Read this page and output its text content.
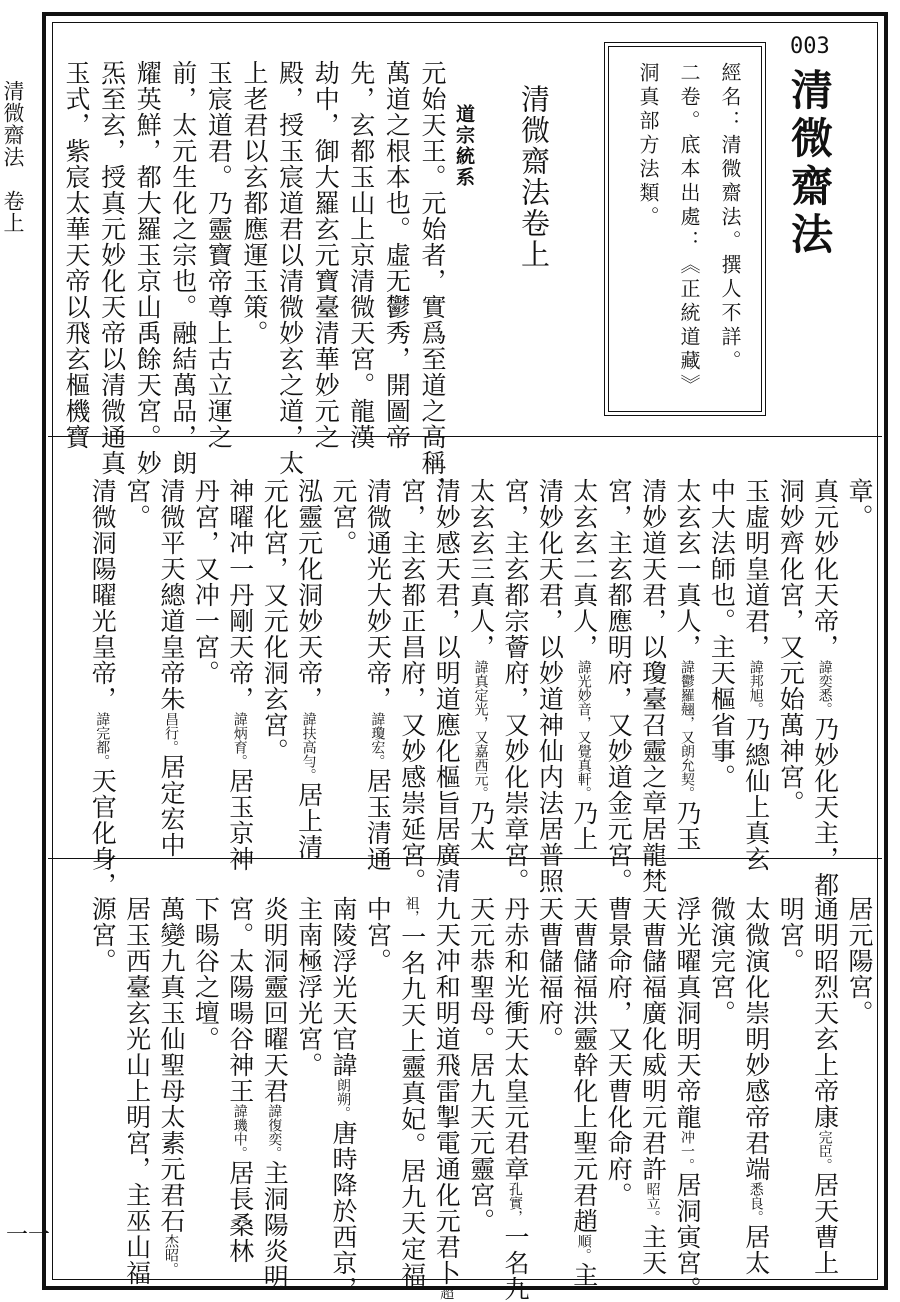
清微齋法　卷上
一一
003
清微齋法
經名：清微齋法。撰人不詳。
二卷。底本出處：《正統道藏》
洞真部方法類。
清微齋法卷上
道宗統系
元始天王。元始者，實爲至道之高稱，
萬道之根本也。虛无鬱秀，開圖帝
先，玄都玉山上京清微天宮。龍漢
劫中，御大羅玄元寶臺清華妙元之
殿，授玉宸道君以清微妙玄之道，太
上老君以玄都應運玉策。
玉宸道君。乃靈寶帝尊上古立運之
前，太元生化之宗也。融結萬品，朗
耀英鮮，都大羅玉京山禹餘天宮。妙
炁至玄，授真元妙化天帝以清微通真
玉式，紫宸太華天帝以飛玄樞機寶
章。
真元妙化天帝，諱奕悉。乃妙化天主，都
洞妙齊化宮，又元始萬神宮。
玉虛明皇道君，諱邦旭。乃總仙上真玄
中大法師也。主天樞省事。
太玄玄一真人，諱鬱羅翹，又朗允契。乃玉
清妙道天君，以瓊臺召靈之章居龍梵
宮，主玄都應明府，又妙道金元宮。
太玄玄二真人，諱光妙音，又覺真軒。乃上
清妙化天君，以妙道神仙内法居普照
宮，主玄都宗薈府，又妙化崇章宮。
太玄玄三真人，諱真定光，又嘉西元。乃太
清妙感天君，以明道應化樞旨居廣清
宮，主玄都正昌府，又妙感崇延宮。
清微通光大妙天帝，諱瓊宏。居玉清通
元宮。
泓靈元化洞妙天帝，諱扶高勻。居上清
元化宮，又元化洞玄宮。
神曜冲一丹剛天帝，諱炳育。居玉京神
丹宮，又冲一宮。
清微平天總道皇帝朱昌行。居定宏中
宮。
清微洞陽曜光皇帝，諱完都。天官化身，
居元陽宮。
通明昭烈天玄上帝康完臣。居天曹上
明宮。
太微演化崇明妙感帝君端悉良。居太
微演完宮。
浮光曜真洞明天帝龍冲一。居洞寅宮。
天曹儲福廣化威明元君許昭立。主天
曹景命府，又天曹化命府。
天曹儲福洪靈幹化上聖元君趙順。主
天曹儲福府。
丹赤和光衝天太皇元君章孔實，一名九
天元恭聖母。居九天元靈宮。
九天冲和明道飛雷掣電通化元君卜超
祖，一名九天上靈真妃。居九天定福
中宮。
南陵浮光天官諱朗朔。唐時降於西京，
主南極浮光宮。
炎明洞靈回曜天君諱復奕。主洞陽炎明
宮。太陽暘谷神王諱璣中。居長桑林
下暘谷之壇。
萬變九真玉仙聖母太素元君石杰昭。
居玉西臺玄光山上明宮，主巫山福
源宮。
